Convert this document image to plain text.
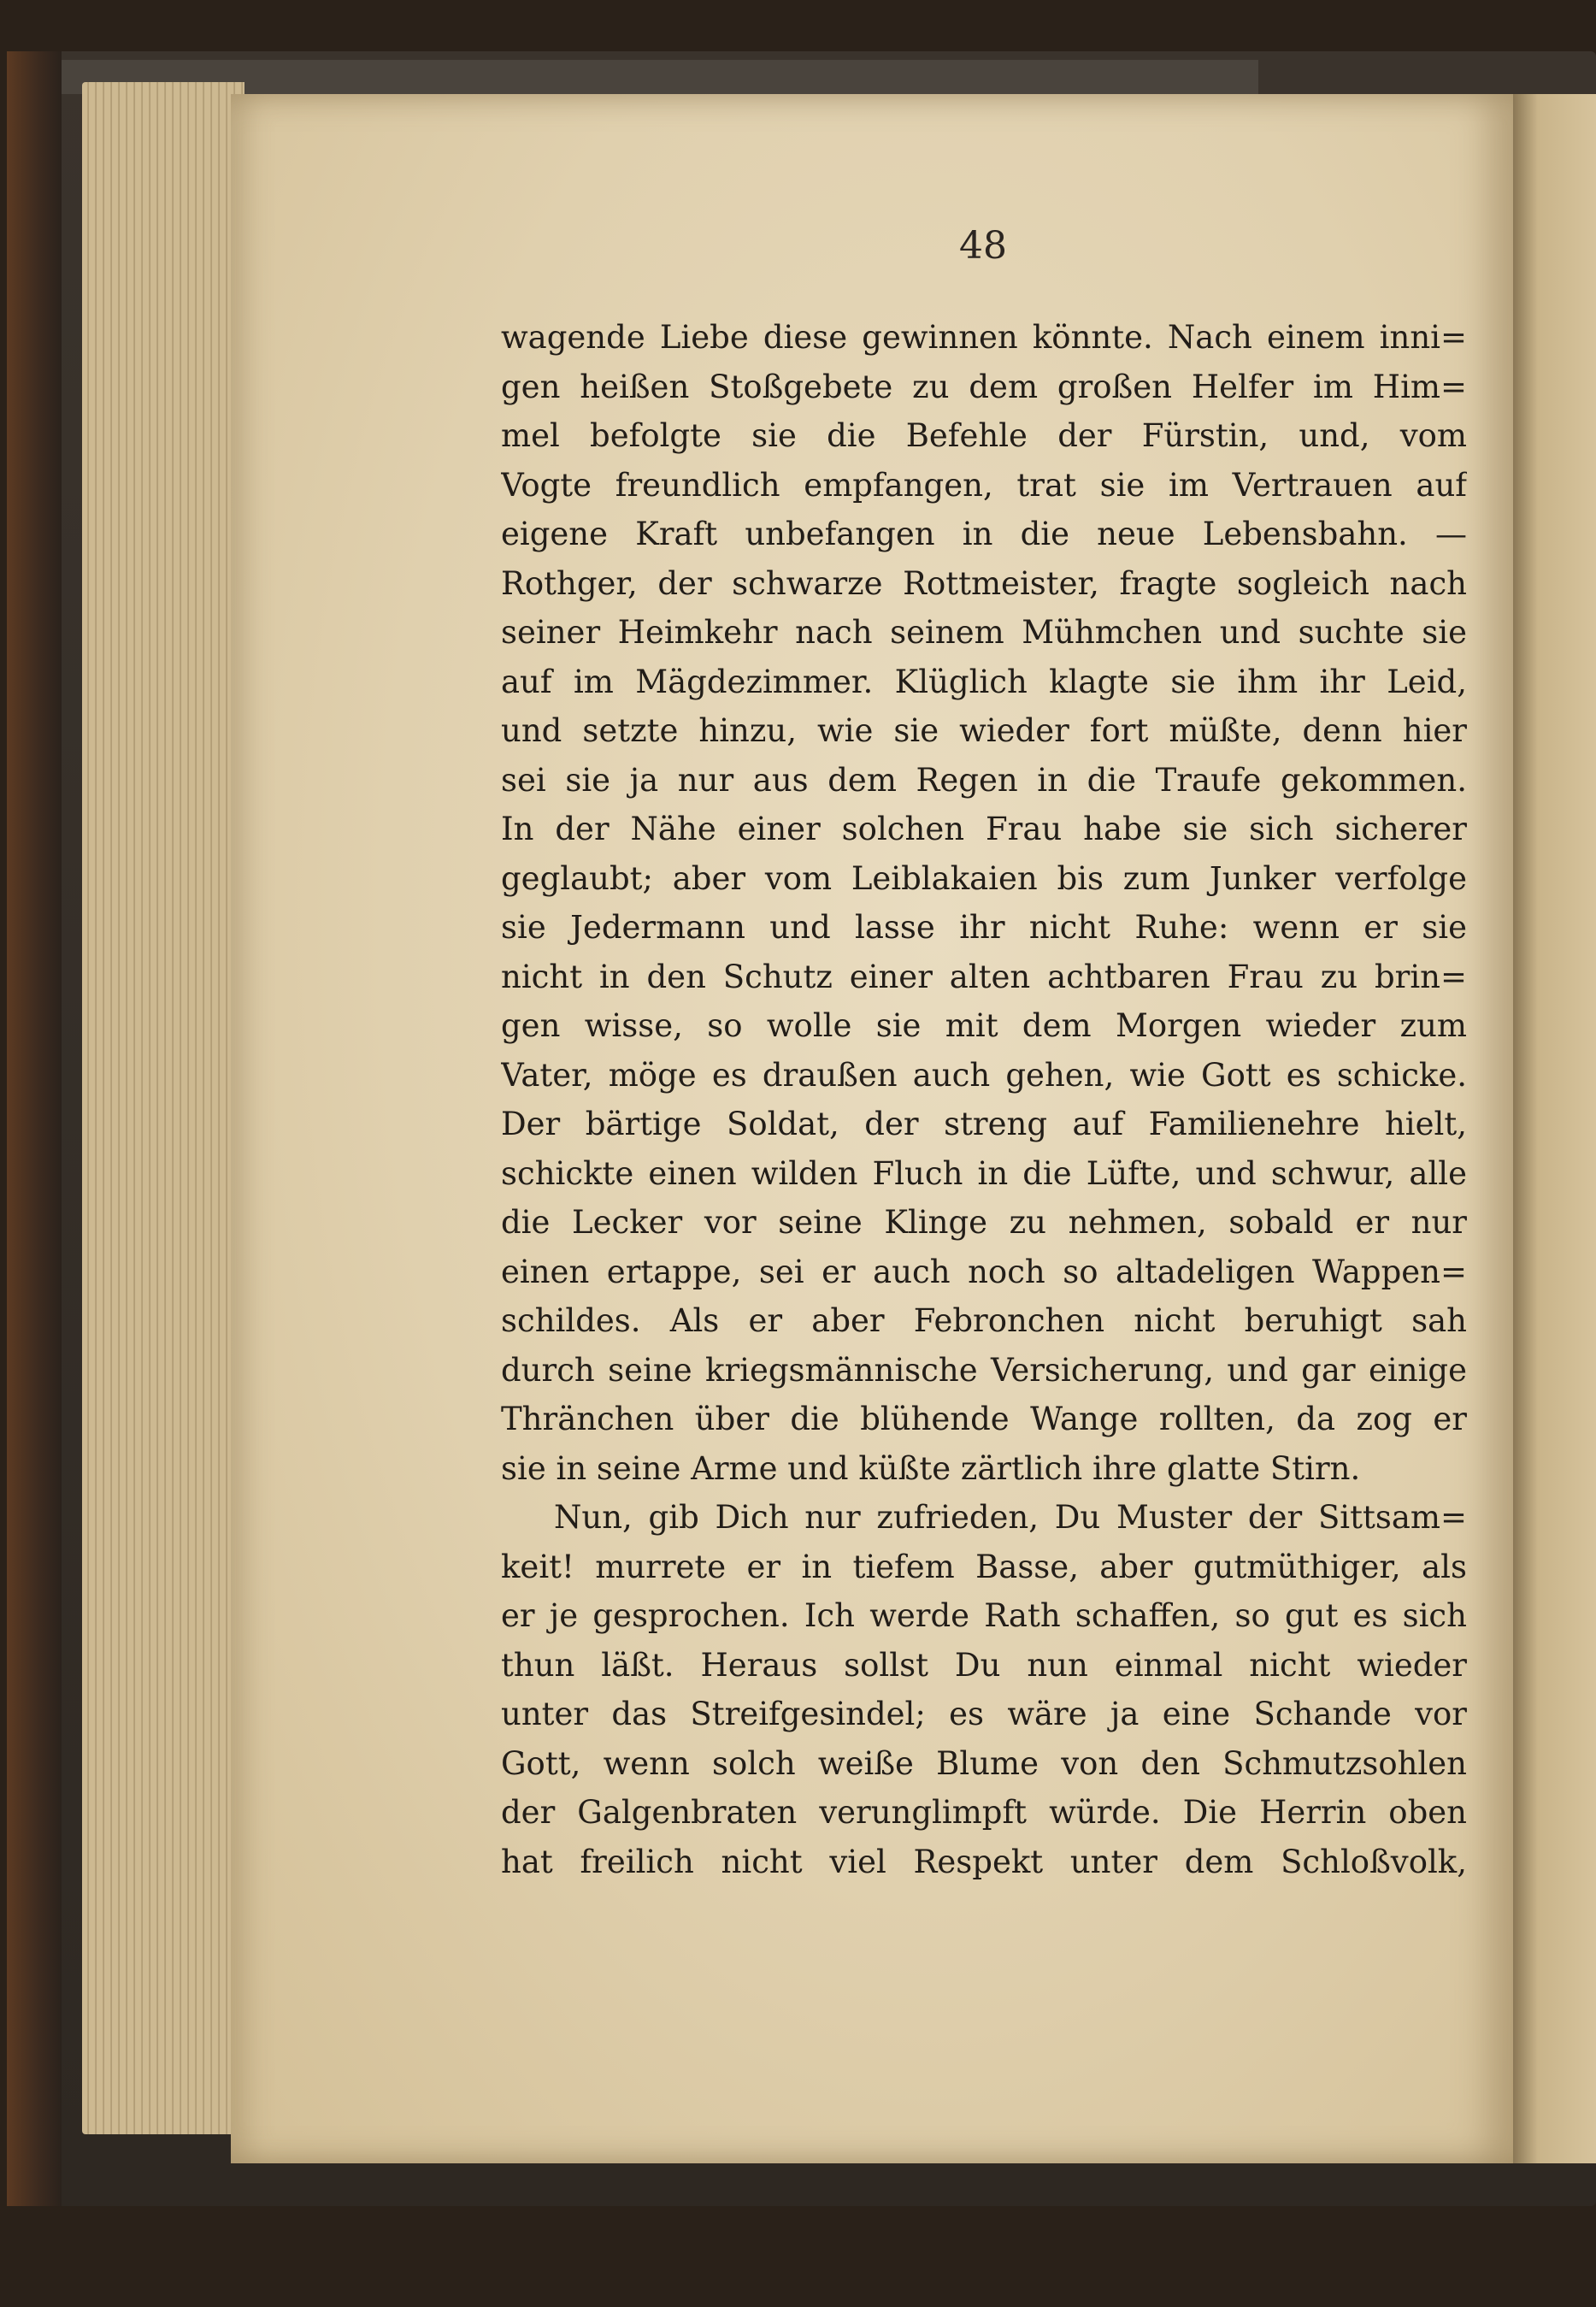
48
wagende Liebe diese gewinnen könnte. Nach einem inni=
gen heißen Stoßgebete zu dem großen Helfer im Him=
mel befolgte sie die Befehle der Fürstin, und, vom
Vogte freundlich empfangen, trat sie im Vertrauen auf
eigene Kraft unbefangen in die neue Lebensbahn. —
Rothger, der schwarze Rottmeister, fragte sogleich nach
seiner Heimkehr nach seinem Mühmchen und suchte sie
auf im Mägdezimmer. Klüglich klagte sie ihm ihr Leid,
und setzte hinzu, wie sie wieder fort müßte, denn hier
sei sie ja nur aus dem Regen in die Traufe gekommen.
In der Nähe einer solchen Frau habe sie sich sicherer
geglaubt; aber vom Leiblakaien bis zum Junker verfolge
sie Jedermann und lasse ihr nicht Ruhe: wenn er sie
nicht in den Schutz einer alten achtbaren Frau zu brin=
gen wisse, so wolle sie mit dem Morgen wieder zum
Vater, möge es draußen auch gehen, wie Gott es schicke.
Der bärtige Soldat, der streng auf Familienehre hielt,
schickte einen wilden Fluch in die Lüfte, und schwur, alle
die Lecker vor seine Klinge zu nehmen, sobald er nur
einen ertappe, sei er auch noch so altadeligen Wappen=
schildes. Als er aber Febronchen nicht beruhigt sah
durch seine kriegsmännische Versicherung, und gar einige
Thränchen über die blühende Wange rollten, da zog er
sie in seine Arme und küßte zärtlich ihre glatte Stirn.
Nun, gib Dich nur zufrieden, Du Muster der Sittsam=
keit! murrete er in tiefem Basse, aber gutmüthiger, als
er je gesprochen. Ich werde Rath schaffen, so gut es sich
thun läßt. Heraus sollst Du nun einmal nicht wieder
unter das Streifgesindel; es wäre ja eine Schande vor
Gott, wenn solch weiße Blume von den Schmutzsohlen
der Galgenbraten verunglimpft würde. Die Herrin oben
hat freilich nicht viel Respekt unter dem Schloßvolk,
